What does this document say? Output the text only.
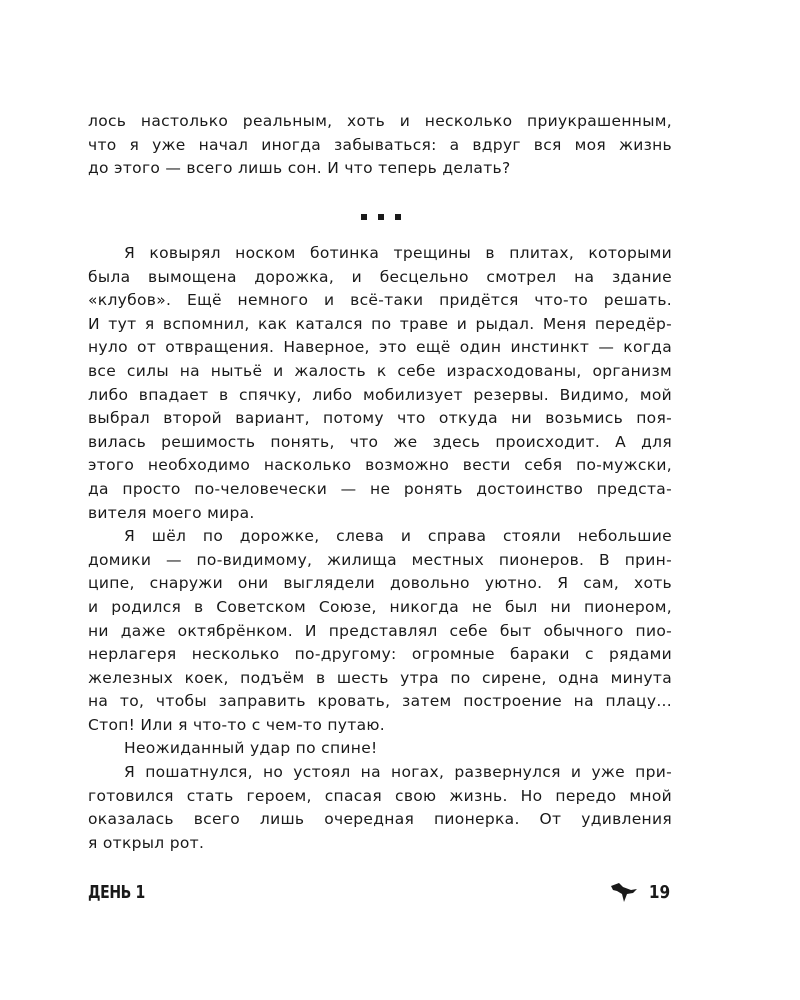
лось настолько реальным, хоть и несколько приукрашенным,
что я уже начал иногда забываться: а вдруг вся моя жизнь
до этого — всего лишь сон. И что теперь делать?
Я ковырял носком ботинка трещины в плитах, которыми
была вымощена дорожка, и бесцельно смотрел на здание
«клубов». Ещё немного и всё-таки придётся что-то решать.
И тут я вспомнил, как катался по траве и рыдал. Меня передёр-
нуло от отвращения. Наверное, это ещё один инстинкт — когда
все силы на нытьё и жалость к себе израсходованы, организм
либо впадает в спячку, либо мобилизует резервы. Видимо, мой
выбрал второй вариант, потому что откуда ни возьмись поя-
вилась решимость понять, что же здесь происходит. А для
этого необходимо насколько возможно вести себя по-мужски,
да просто по-человечески — не ронять достоинство предста-
вителя моего мира.
Я шёл по дорожке, слева и справа стояли небольшие
домики — по-видимому, жилища местных пионеров. В прин-
ципе, снаружи они выглядели довольно уютно. Я сам, хоть
и родился в Советском Союзе, никогда не был ни пионером,
ни даже октябрёнком. И представлял себе быт обычного пио-
нерлагеря несколько по-другому: огромные бараки с рядами
железных коек, подъём в шесть утра по сирене, одна минута
на то, чтобы заправить кровать, затем построение на плацу...
Стоп! Или я что-то с чем-то путаю.
Неожиданный удар по спине!
Я пошатнулся, но устоял на ногах, развернулся и уже при-
готовился стать героем, спасая свою жизнь. Но передо мной
оказалась всего лишь очередная пионерка. От удивления
я открыл рот.
ДЕНЬ 1	19
